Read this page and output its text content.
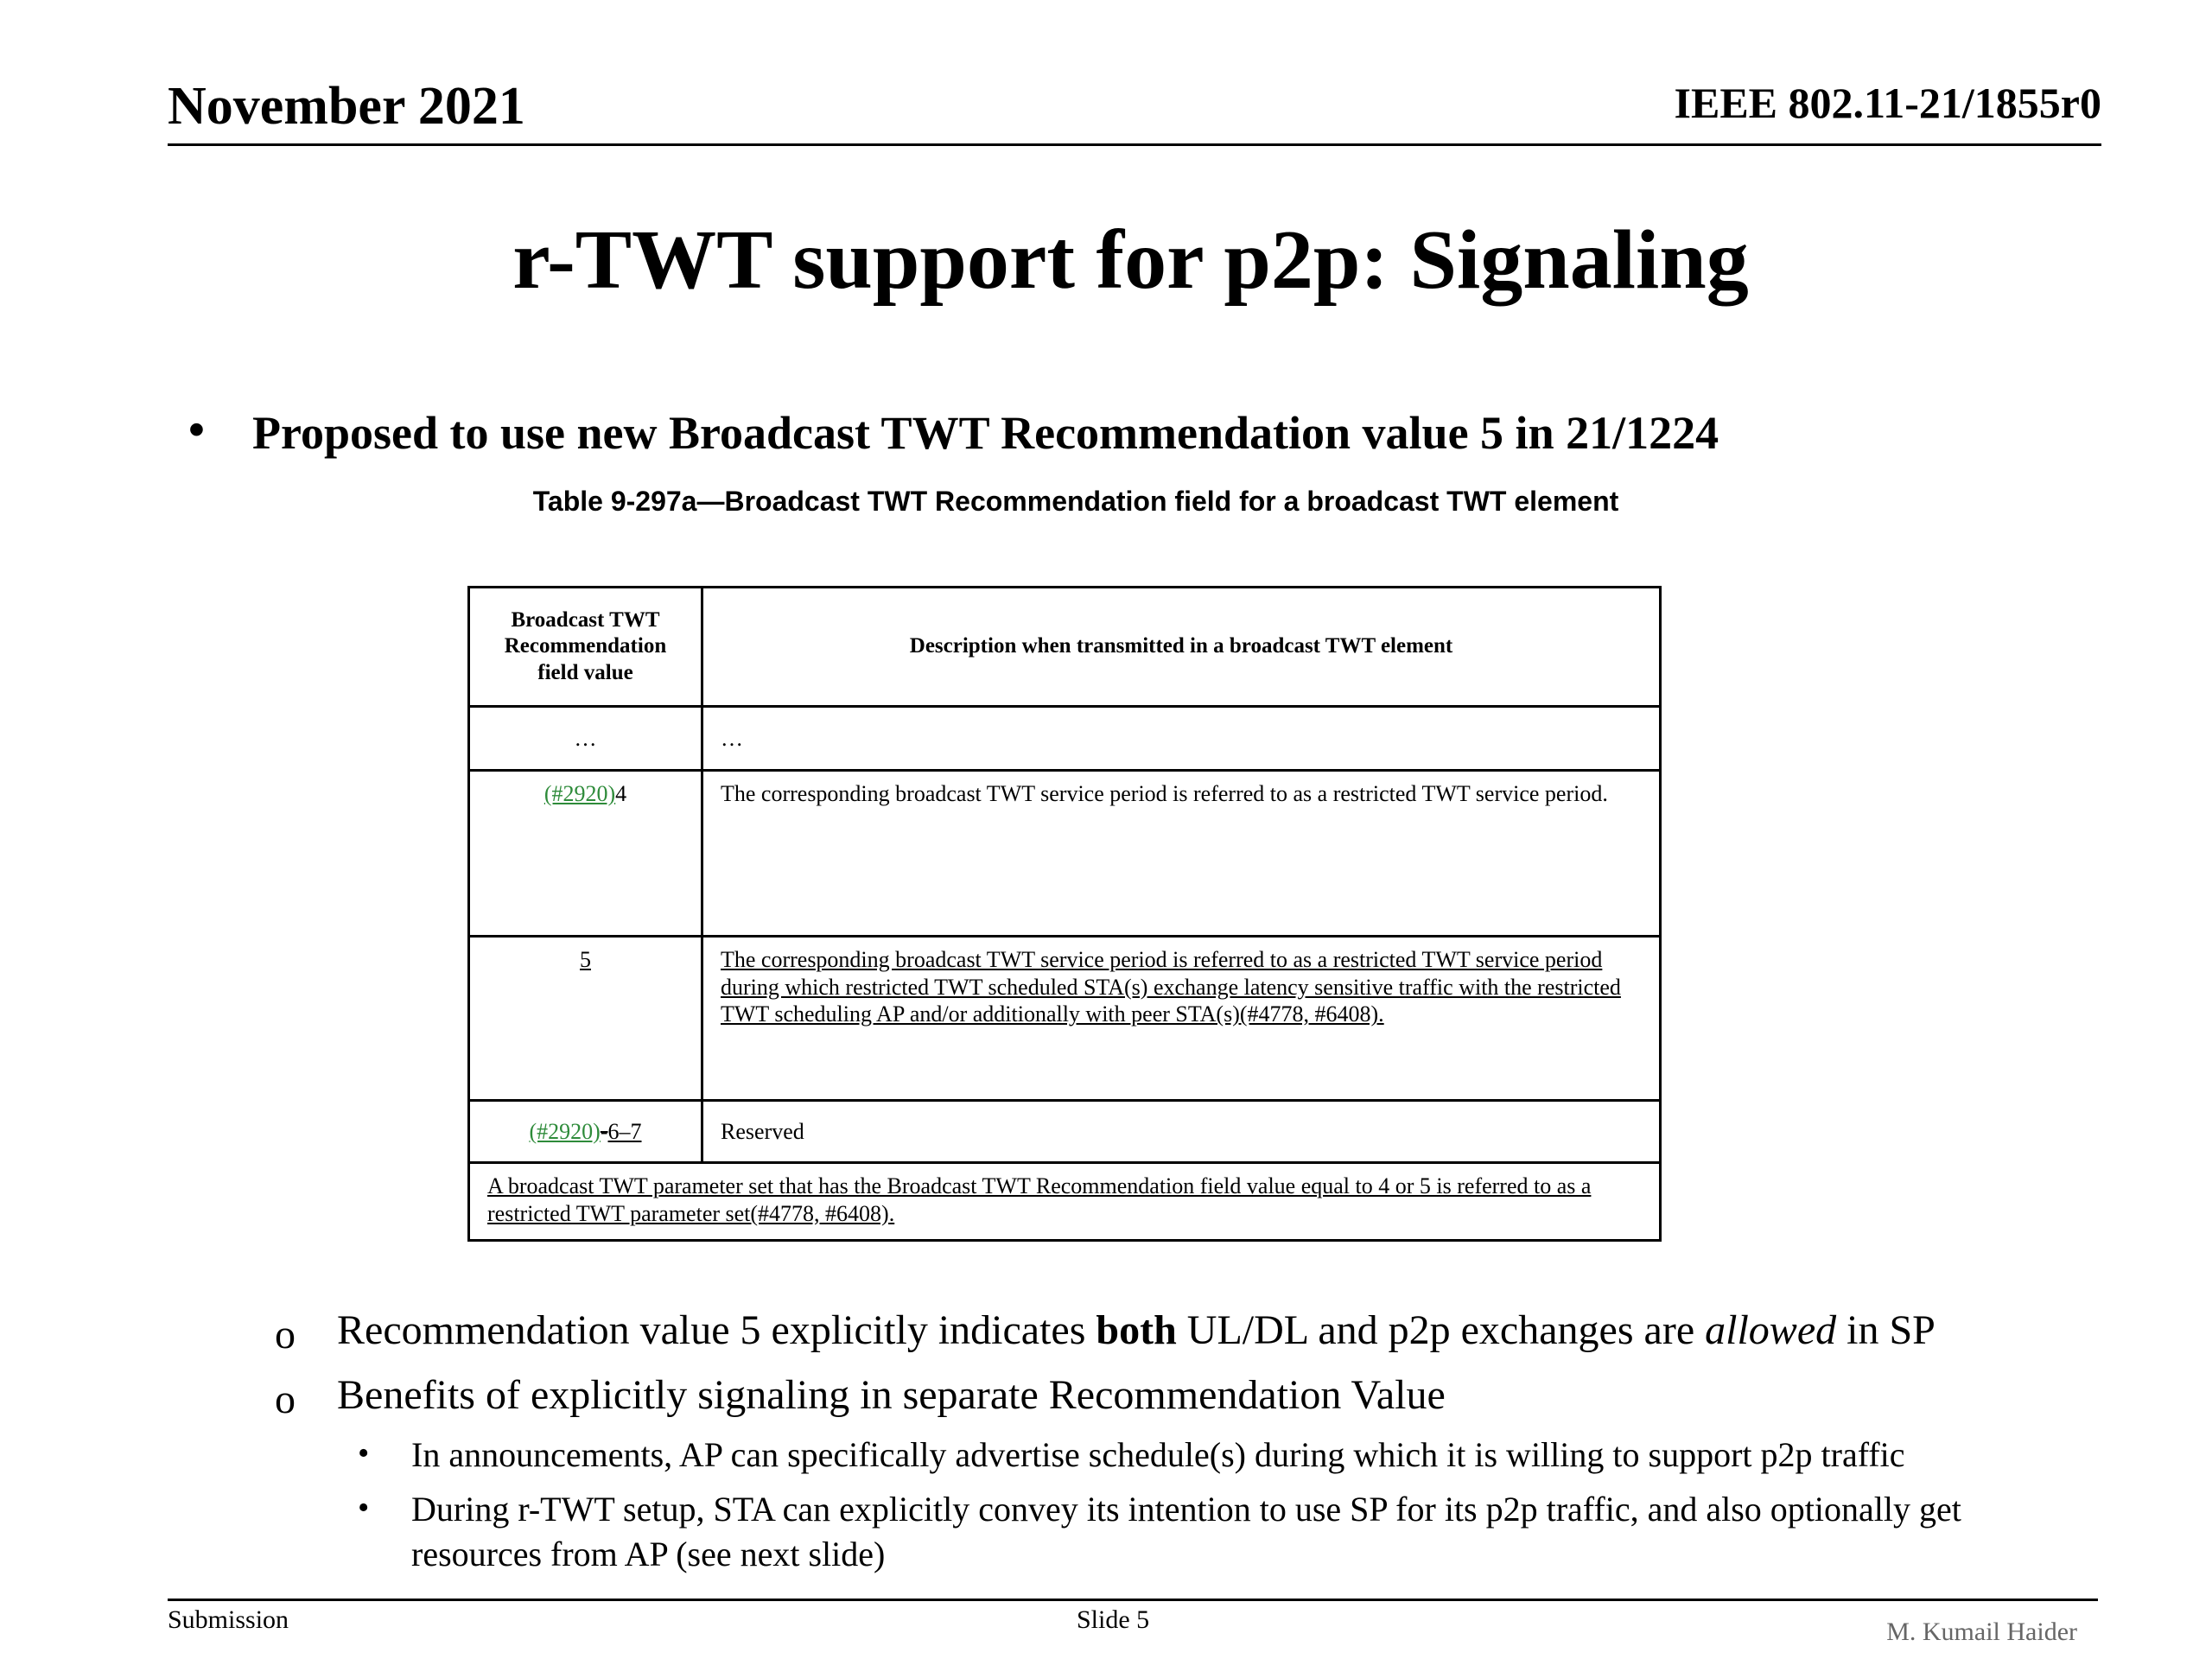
November 2021	IEEE 802.11-21/1855r0
r-TWT support for p2p: Signaling
• Proposed to use new Broadcast TWT Recommendation value 5 in 21/1224
Table 9-297a—Broadcast TWT Recommendation field for a broadcast TWT element
Broadcast TWT Recommendation field value	Description when transmitted in a broadcast TWT element
…	…
(#2920)4	The corresponding broadcast TWT service period is referred to as a restricted TWT service period.
5	The corresponding broadcast TWT service period is referred to as a restricted TWT service period during which restricted TWT scheduled STA(s) exchange latency sensitive traffic with the restricted TWT scheduling AP and/or additionally with peer STA(s)(#4778, #6408).
(#2920)-6–7	Reserved
A broadcast TWT parameter set that has the Broadcast TWT Recommendation field value equal to 4 or 5 is referred to as a restricted TWT parameter set(#4778, #6408).	
o Recommendation value 5 explicitly indicates both UL/DL and p2p exchanges are allowed in SP
o Benefits of explicitly signaling in separate Recommendation Value
• In announcements, AP can specifically advertise schedule(s) during which it is willing to support p2p traffic
• During r-TWT setup, STA can explicitly convey its intention to use SP for its p2p traffic, and also optionally get resources from AP (see next slide)
Submission	Slide 5	M. Kumail Haider
